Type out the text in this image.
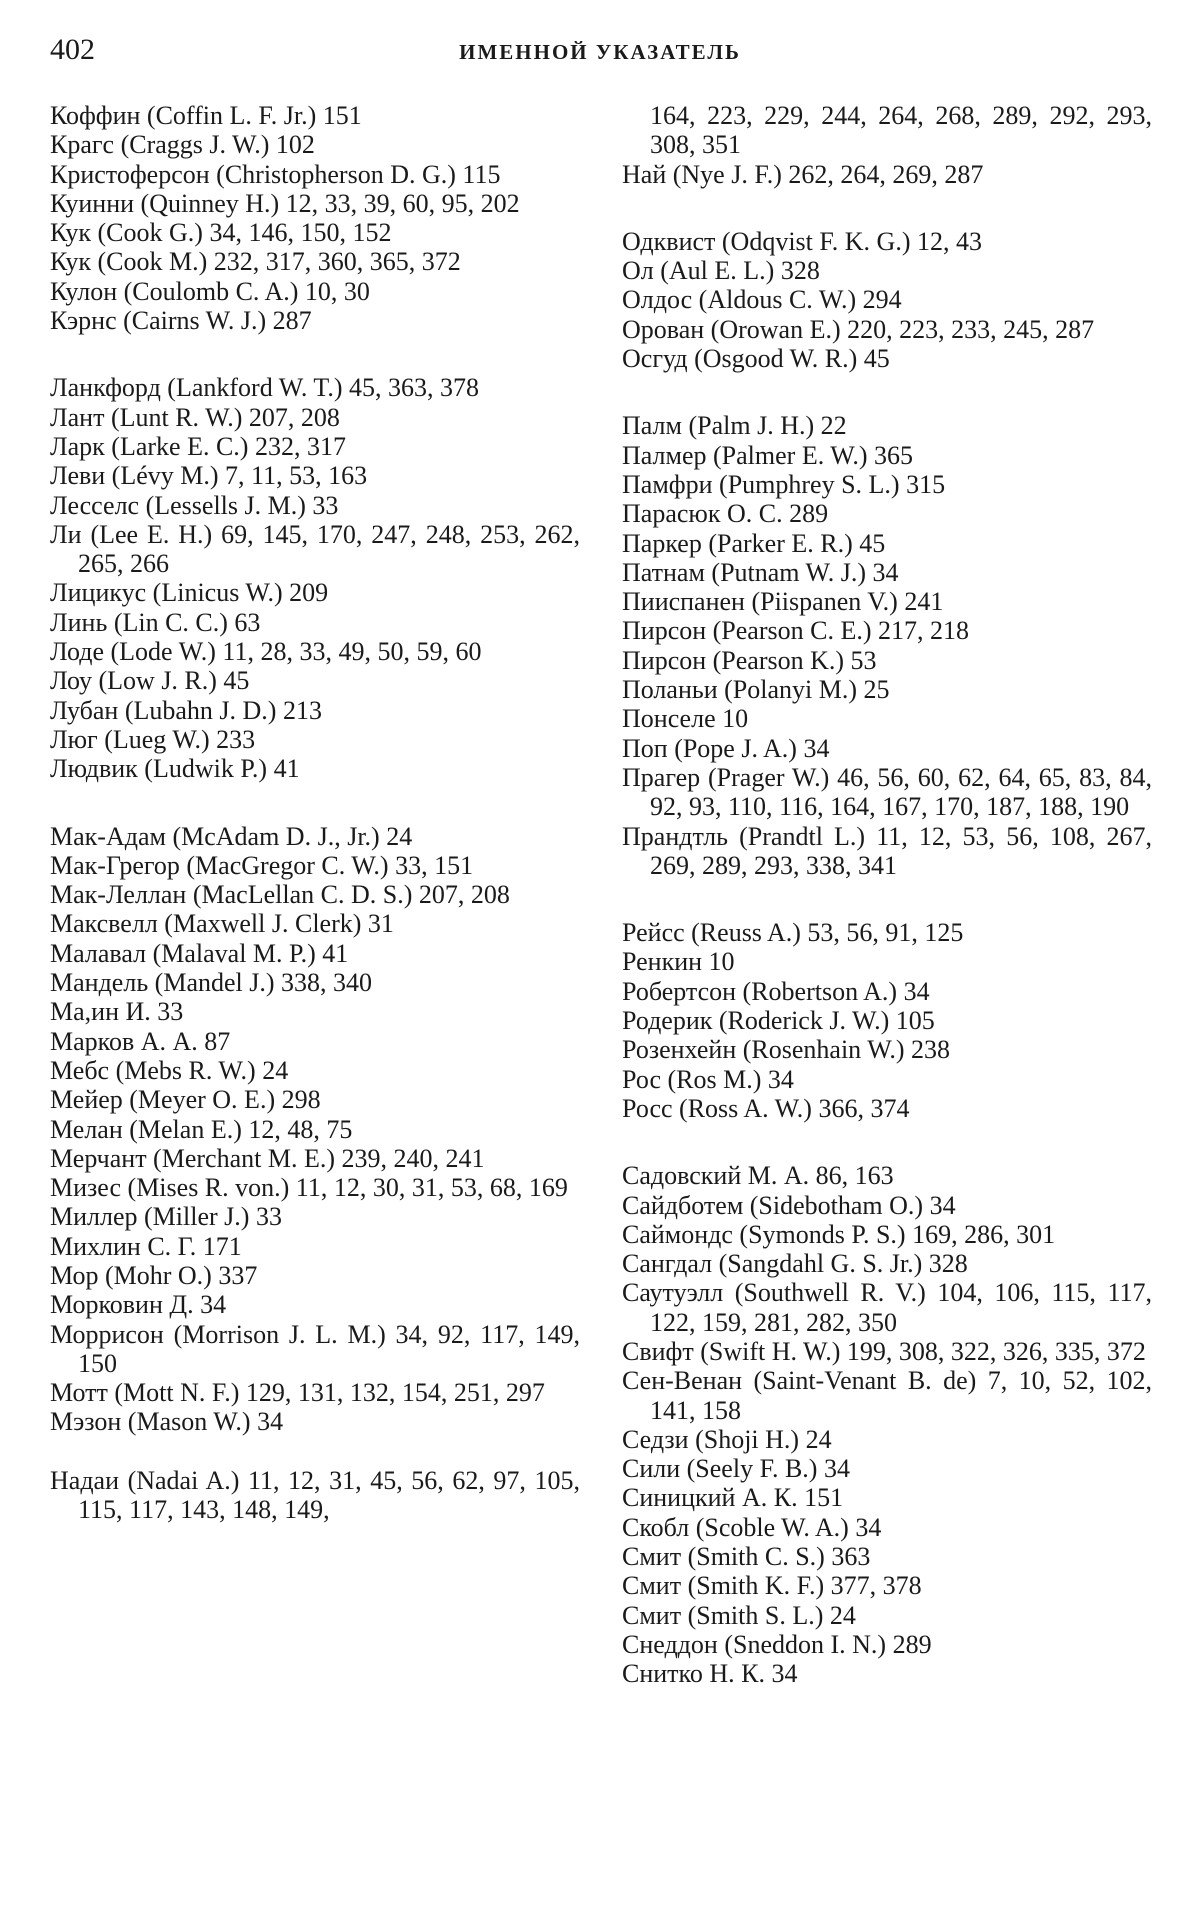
402	ИМЕННОЙ УКАЗАТЕЛЬ
Коффин (Coffin L. F. Jr.) 151
Крагс (Craggs J. W.) 102
Кристоферсон (Christopherson D. G.) 115
Куинни (Quinney H.) 12, 33, 39, 60, 95, 202
Кук (Cook G.) 34, 146, 150, 152
Кук (Cook M.) 232, 317, 360, 365, 372
Кулон (Coulomb C. A.) 10, 30
Кэрнс (Cairns W. J.) 287
Ланкфорд (Lankford W. T.) 45, 363, 378
Лант (Lunt R. W.) 207, 208
Ларк (Larke E. C.) 232, 317
Леви (Lévy M.) 7, 11, 53, 163
Лесселс (Lessells J. M.) 33
Ли (Lee E. H.) 69, 145, 170, 247, 248, 253, 262, 265, 266
Лицикус (Linicus W.) 209
Линь (Lin C. C.) 63
Лоде (Lode W.) 11, 28, 33, 49, 50, 59, 60
Лоу (Low J. R.) 45
Лубан (Lubahn J. D.) 213
Люг (Lueg W.) 233
Людвик (Ludwik P.) 41
Мак-Адам (McAdam D. J., Jr.) 24
Мак-Грегор (MacGregor C. W.) 33, 151
Мак-Леллан (MacLellan C. D. S.) 207, 208
Максвелл (Maxwell J. Clerk) 31
Малавал (Malaval M. P.) 41
Мандель (Mandel J.) 338, 340
Ма,ин И. 33
Марков А. А. 87
Мебс (Mebs R. W.) 24
Мейер (Meyer O. E.) 298
Мелан (Melan E.) 12, 48, 75
Мерчант (Merchant M. E.) 239, 240, 241
Мизес (Mises R. von.) 11, 12, 30, 31, 53, 68, 169
Миллер (Miller J.) 33
Михлин С. Г. 171
Мор (Mohr O.) 337
Морковин Д. 34
Моррисон (Morrison J. L. M.) 34, 92, 117, 149, 150
Мотт (Mott N. F.) 129, 131, 132, 154, 251, 297
Мэзон (Mason W.) 34
Надаи (Nadai A.) 11, 12, 31, 45, 56, 62, 97, 105, 115, 117, 143, 148, 149,
164, 223, 229, 244, 264, 268, 289, 292, 293, 308, 351
Най (Nye J. F.) 262, 264, 269, 287
Одквист (Odqvist F. K. G.) 12, 43
Ол (Aul E. L.) 328
Олдос (Aldous C. W.) 294
Орован (Orowan E.) 220, 223, 233, 245, 287
Осгуд (Osgood W. R.) 45
Палм (Palm J. H.) 22
Палмер (Palmer E. W.) 365
Памфри (Pumphrey S. L.) 315
Парасюк О. С. 289
Паркер (Parker E. R.) 45
Патнам (Putnam W. J.) 34
Пииспанен (Piispanen V.) 241
Пирсон (Pearson C. E.) 217, 218
Пирсон (Pearson K.) 53
Поланьи (Polanyi M.) 25
Понселе 10
Поп (Pope J. A.) 34
Прагер (Prager W.) 46, 56, 60, 62, 64, 65, 83, 84, 92, 93, 110, 116, 164, 167, 170, 187, 188, 190
Прандтль (Prandtl L.) 11, 12, 53, 56, 108, 267, 269, 289, 293, 338, 341
Рейсс (Reuss A.) 53, 56, 91, 125
Ренкин 10
Робертсон (Robertson A.) 34
Родерик (Roderick J. W.) 105
Розенхейн (Rosenhain W.) 238
Рос (Ros M.) 34
Росс (Ross A. W.) 366, 374
Садовский М. А. 86, 163
Сайдботем (Sidebotham O.) 34
Саймондс (Symonds P. S.) 169, 286, 301
Сангдал (Sangdahl G. S. Jr.) 328
Саутуэлл (Southwell R. V.) 104, 106, 115, 117, 122, 159, 281, 282, 350
Свифт (Swift H. W.) 199, 308, 322, 326, 335, 372
Сен-Венан (Saint-Venant B. de) 7, 10, 52, 102, 141, 158
Седзи (Shoji H.) 24
Сили (Seely F. B.) 34
Синицкий А. К. 151
Скобл (Scoble W. A.) 34
Смит (Smith C. S.) 363
Смит (Smith K. F.) 377, 378
Смит (Smith S. L.) 24
Снеддон (Sneddon I. N.) 289
Снитко Н. К. 34
